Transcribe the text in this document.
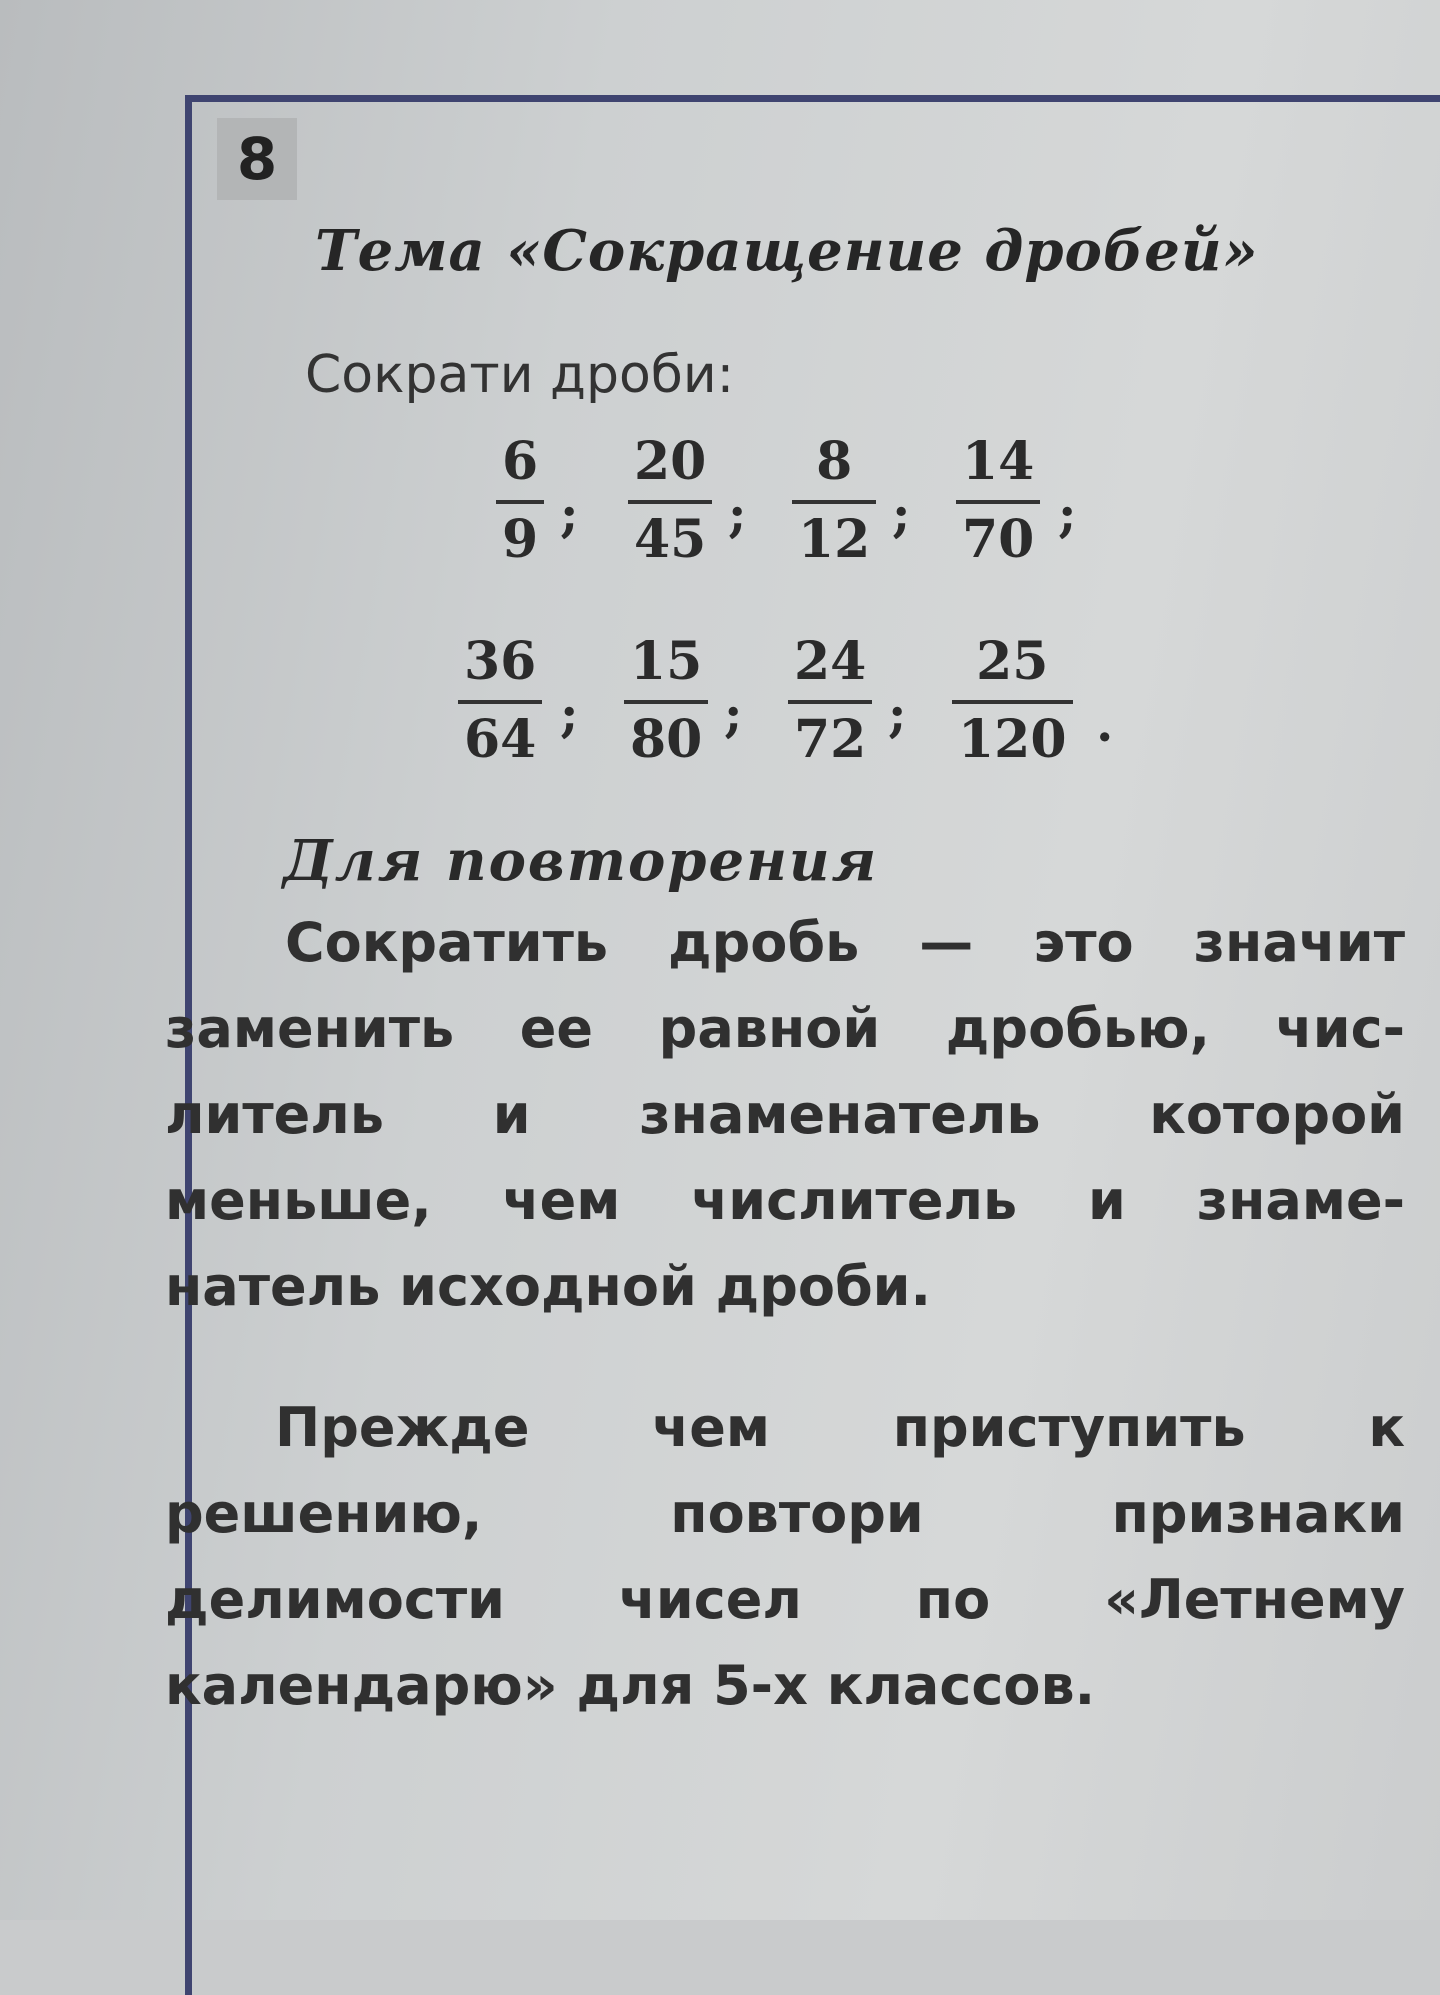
8
Тема «Сокращение дробей»
Сократи дроби:
6
9 ;
20
45 ;
8
12 ;
14
70 ;
36
64 ;
15
80 ;
24
72 ;
25
120 .
Для повторения
Сократить дробь — это значит
заменить ее равной дробью, чис-
литель и знаменатель которой
меньше, чем числитель и знаме-
натель исходной дроби.
Прежде чем приступить к
решению, повтори признаки
делимости чисел по «Летнему
календарю» для 5-х классов.
